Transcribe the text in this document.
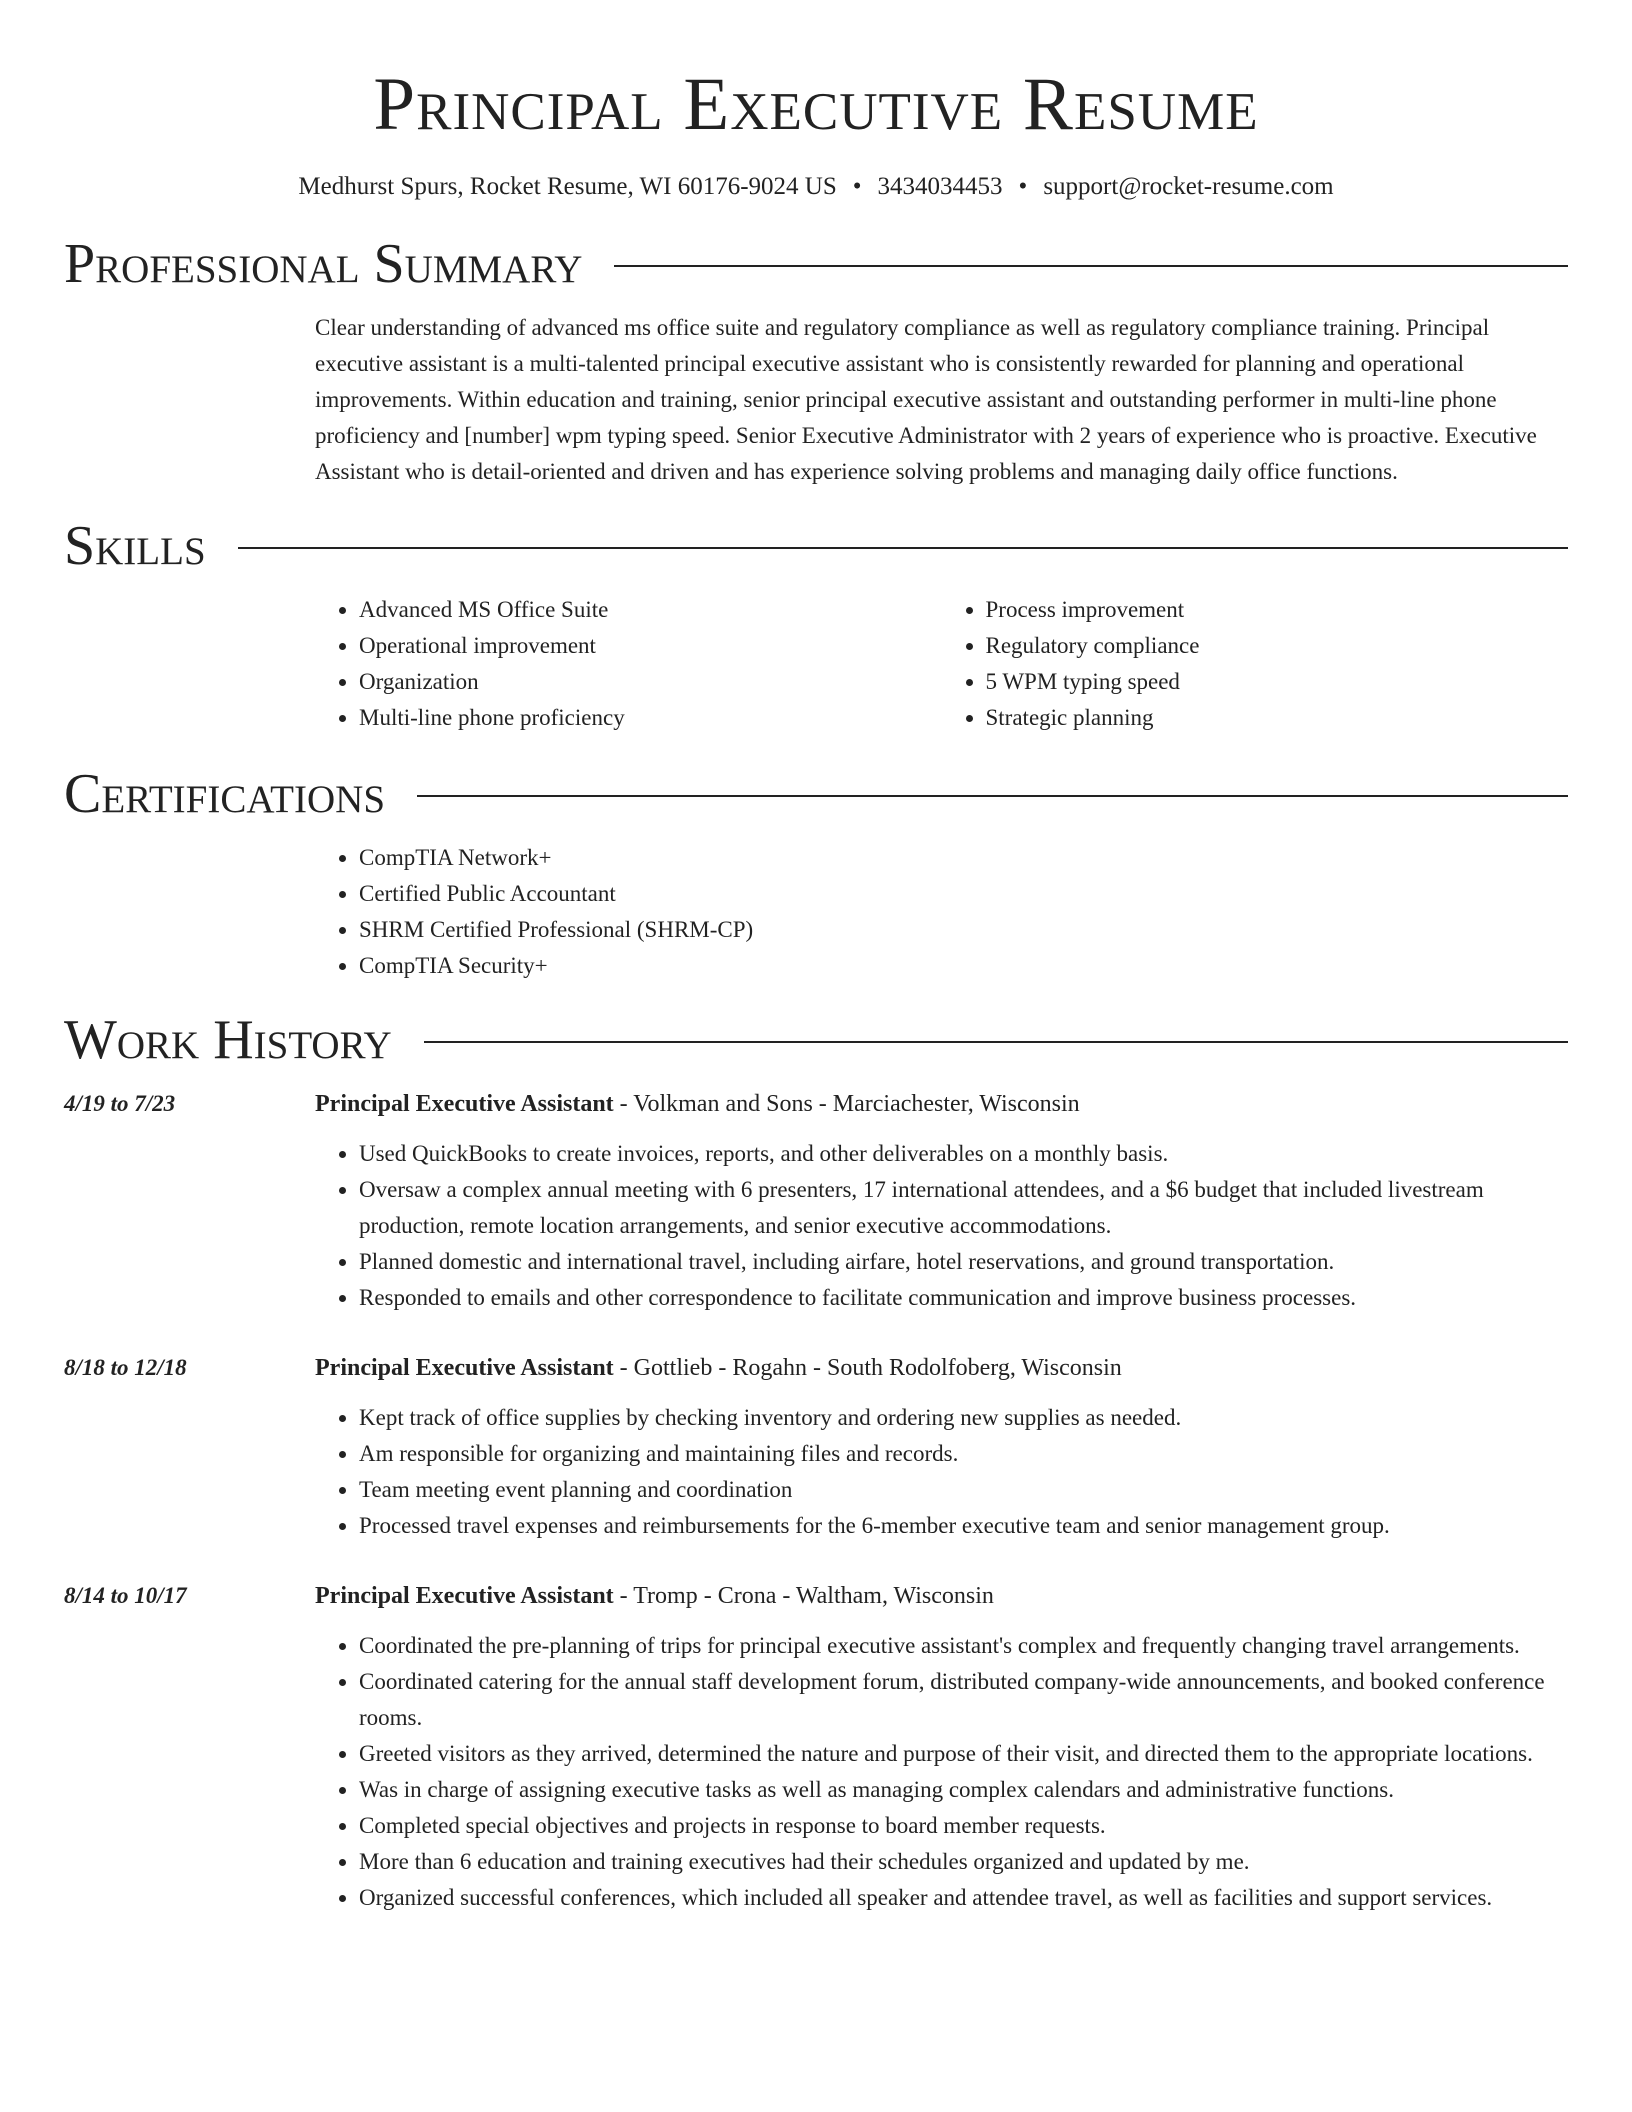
Principal Executive Resume
Medhurst Spurs, Rocket Resume, WI 60176-9024 US • 3434034453 • support@rocket-resume.com
Professional Summary
Clear understanding of advanced ms office suite and regulatory compliance as well as regulatory compliance training. Principal executive assistant is a multi-talented principal executive assistant who is consistently rewarded for planning and operational improvements. Within education and training, senior principal executive assistant and outstanding performer in multi-line phone proficiency and [number] wpm typing speed. Senior Executive Administrator with 2 years of experience who is proactive. Executive Assistant who is detail-oriented and driven and has experience solving problems and managing daily office functions.
Skills
• Advanced MS Office Suite
• Operational improvement
• Organization
• Multi-line phone proficiency
• Process improvement
• Regulatory compliance
• 5 WPM typing speed
• Strategic planning
Certifications
• CompTIA Network+
• Certified Public Accountant
• SHRM Certified Professional (SHRM-CP)
• CompTIA Security+
Work History
4/19 to 7/23	Principal Executive Assistant - Volkman and Sons - Marciachester, Wisconsin
• Used QuickBooks to create invoices, reports, and other deliverables on a monthly basis.
• Oversaw a complex annual meeting with 6 presenters, 17 international attendees, and a $6 budget that included livestream production, remote location arrangements, and senior executive accommodations.
• Planned domestic and international travel, including airfare, hotel reservations, and ground transportation.
• Responded to emails and other correspondence to facilitate communication and improve business processes.
8/18 to 12/18	Principal Executive Assistant - Gottlieb - Rogahn - South Rodolfoberg, Wisconsin
• Kept track of office supplies by checking inventory and ordering new supplies as needed.
• Am responsible for organizing and maintaining files and records.
• Team meeting event planning and coordination
• Processed travel expenses and reimbursements for the 6-member executive team and senior management group.
8/14 to 10/17	Principal Executive Assistant - Tromp - Crona - Waltham, Wisconsin
• Coordinated the pre-planning of trips for principal executive assistant's complex and frequently changing travel arrangements.
• Coordinated catering for the annual staff development forum, distributed company-wide announcements, and booked conference rooms.
• Greeted visitors as they arrived, determined the nature and purpose of their visit, and directed them to the appropriate locations.
• Was in charge of assigning executive tasks as well as managing complex calendars and administrative functions.
• Completed special objectives and projects in response to board member requests.
• More than 6 education and training executives had their schedules organized and updated by me.
• Organized successful conferences, which included all speaker and attendee travel, as well as facilities and support services.
